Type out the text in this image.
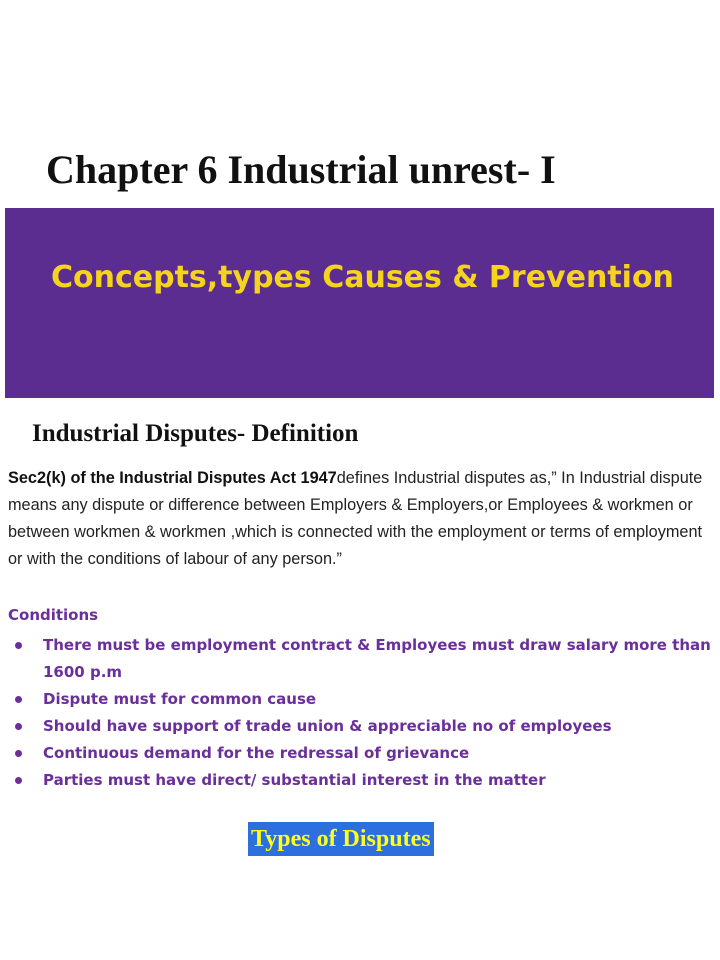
Chapter 6 Industrial unrest- I
Concepts,types Causes & Prevention
Industrial Disputes- Definition

Sec2(k) of the Industrial Disputes Act 1947defines Industrial disputes as,” In Industrial dispute means any dispute or difference between Employers & Employers,or Employees & workmen or between workmen & workmen ,which is connected with the employment or terms of employment or with the conditions of labour of any person.”

Conditions
There must be employment contract & Employees must draw salary more than 1600 p.m
Dispute must for common cause
Should have support of trade union & appreciable no of employees
Continuous demand for the redressal of grievance
Parties must have direct/ substantial interest in the matter
Types of Disputes
